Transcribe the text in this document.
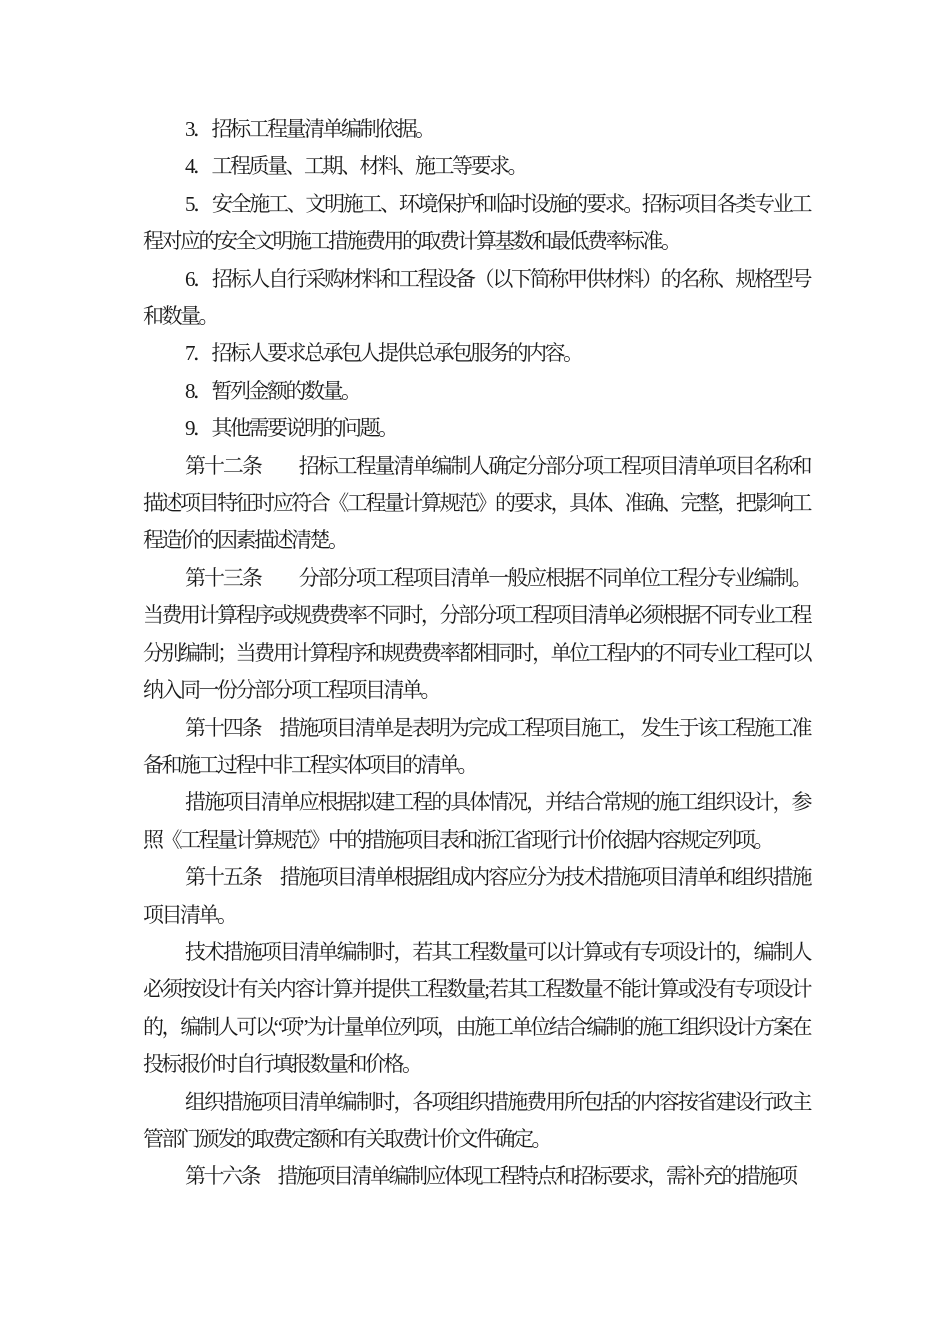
3．招标工程量清单编制依据。

4．工程质量、工期、材料、施工等要求。

5．安全施工、文明施工、环境保护和临时设施的要求。招标项目各类专业工程对应的安全文明施工措施费用的取费计算基数和最低费率标准。

6．招标人自行采购材料和工程设备（以下简称甲供材料）的名称、规格型号和数量。

7．招标人要求总承包人提供总承包服务的内容。

8．暂列金额的数量。

9．其他需要说明的问题。

第十二条　　招标工程量清单编制人确定分部分项工程项目清单项目名称和描述项目特征时应符合《工程量计算规范》的要求，具体、准确、完整，把影响工程造价的因素描述清楚。

第十三条　　分部分项工程项目清单一般应根据不同单位工程分专业编制。当费用计算程序或规费费率不同时，分部分项工程项目清单必须根据不同专业工程分别编制；当费用计算程序和规费费率都相同时，单位工程内的不同专业工程可以纳入同一份分部分项工程项目清单。

第十四条　措施项目清单是表明为完成工程项目施工， 发生于该工程施工准备和施工过程中非工程实体项目的清单。

措施项目清单应根据拟建工程的具体情况，并结合常规的施工组织设计，参照《工程量计算规范》中的措施项目表和浙江省现行计价依据内容规定列项。

第十五条　措施项目清单根据组成内容应分为技术措施项目清单和组织措施项目清单。

技术措施项目清单编制时，若其工程数量可以计算或有专项设计的，编制人必须按设计有关内容计算并提供工程数量;若其工程数量不能计算或没有专项设计的，编制人可以“项”为计量单位列项，由施工单位结合编制的施工组织设计方案在投标报价时自行填报数量和价格。

组织措施项目清单编制时，各项组织措施费用所包括的内容按省建设行政主管部门颁发的取费定额和有关取费计价文件确定。

第十六条　措施项目清单编制应体现工程特点和招标要求，需补充的措施项
